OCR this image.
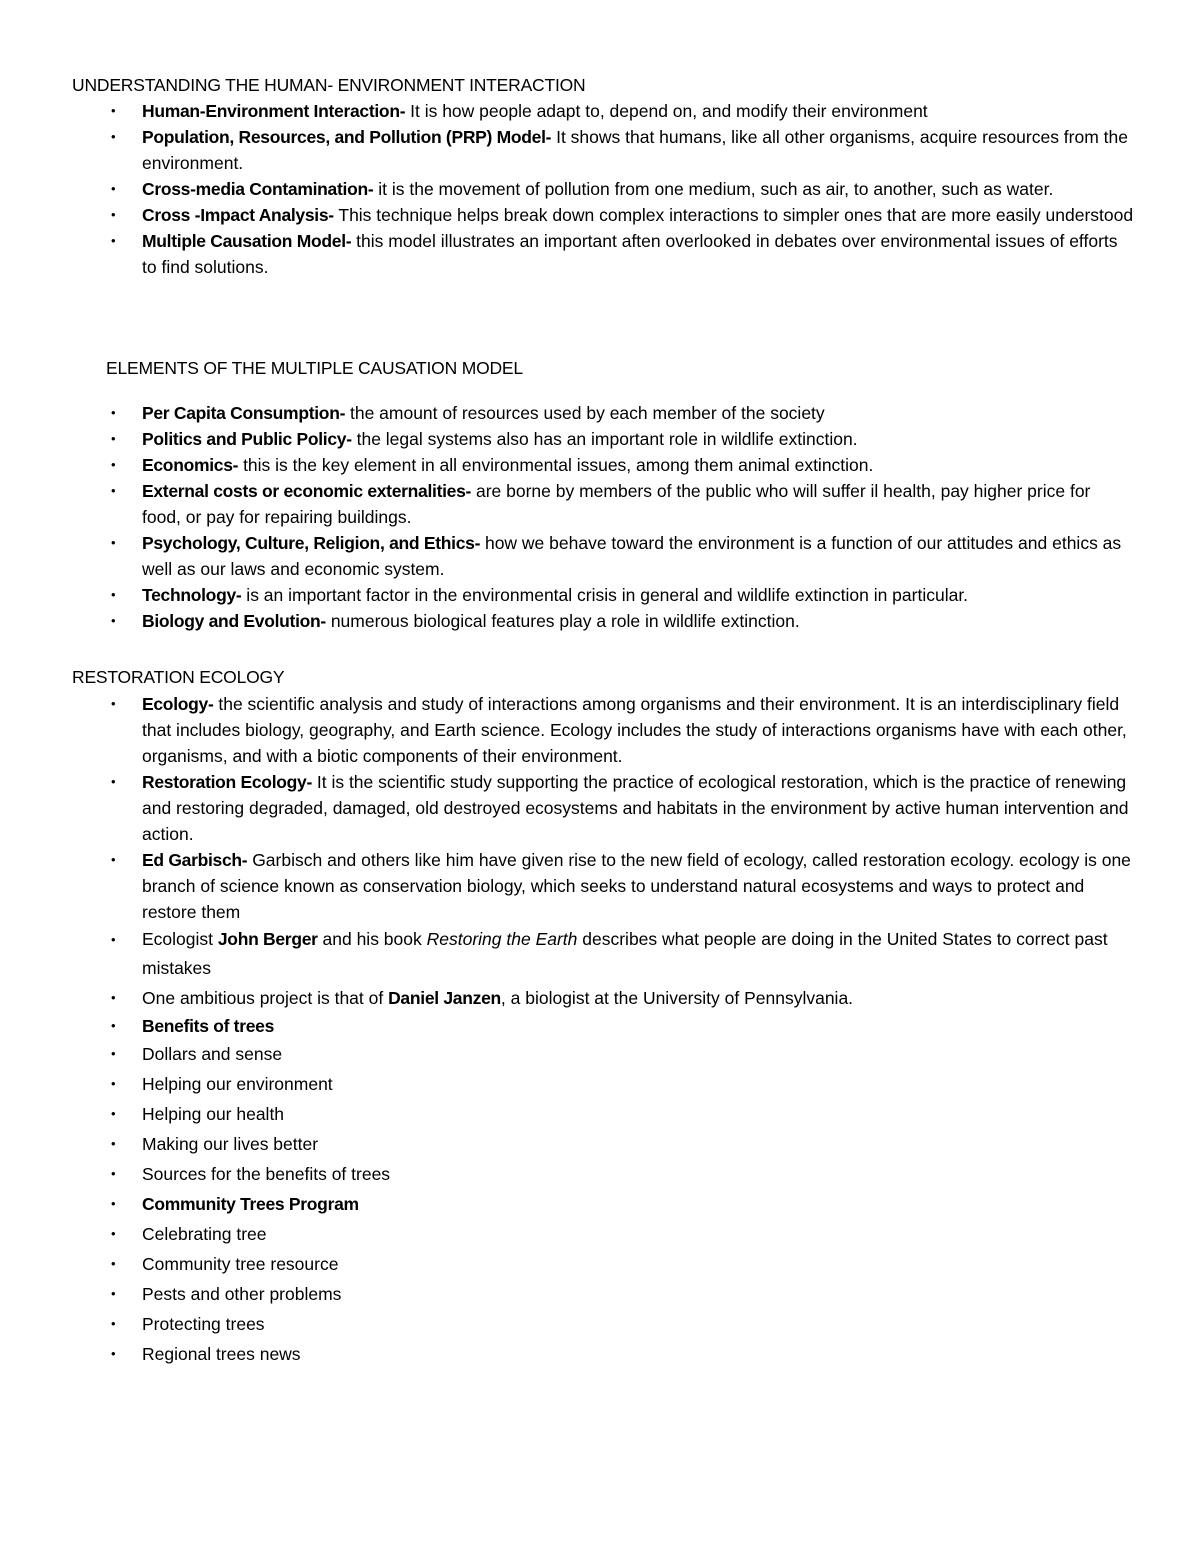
UNDERSTANDING THE HUMAN- ENVIRONMENT INTERACTION
• Human-Environment Interaction- It is how people adapt to, depend on, and modify their environment
• Population, Resources, and Pollution (PRP) Model- It shows that humans, like all other organisms, acquire resources from the environment.
• Cross-media Contamination- it is the movement of pollution from one medium, such as air, to another, such as water.
• Cross -Impact Analysis- This technique helps break down complex interactions to simpler ones that are more easily understood
• Multiple Causation Model- this model illustrates an important aften overlooked in debates over environmental issues of efforts to find solutions.
ELEMENTS OF THE MULTIPLE CAUSATION MODEL
• Per Capita Consumption- the amount of resources used by each member of the society
• Politics and Public Policy- the legal systems also has an important role in wildlife extinction.
• Economics- this is the key element in all environmental issues, among them animal extinction.
• External costs or economic externalities- are borne by members of the public who will suffer il health, pay higher price for food, or pay for repairing buildings.
• Psychology, Culture, Religion, and Ethics- how we behave toward the environment is a function of our attitudes and ethics as well as our laws and economic system.
• Technology- is an important factor in the environmental crisis in general and wildlife extinction in particular.
• Biology and Evolution- numerous biological features play a role in wildlife extinction.
RESTORATION ECOLOGY
• Ecology- the scientific analysis and study of interactions among organisms and their environment. It is an interdisciplinary field that includes biology, geography, and Earth science. Ecology includes the study of interactions organisms have with each other, organisms, and with a biotic components of their environment.
• Restoration Ecology- It is the scientific study supporting the practice of ecological restoration, which is the practice of renewing and restoring degraded, damaged, old destroyed ecosystems and habitats in the environment by active human intervention and action.
• Ed Garbisch- Garbisch and others like him have given rise to the new field of ecology, called restoration ecology. ecology is one branch of science known as conservation biology, which seeks to understand natural ecosystems and ways to protect and restore them
• Ecologist John Berger and his book Restoring the Earth describes what people are doing in the United States to correct past mistakes
• One ambitious project is that of Daniel Janzen, a biologist at the University of Pennsylvania.
• Benefits of trees
• Dollars and sense
• Helping our environment
• Helping our health
• Making our lives better
• Sources for the benefits of trees
• Community Trees Program
• Celebrating tree
• Community tree resource
• Pests and other problems
• Protecting trees
• Regional trees news
